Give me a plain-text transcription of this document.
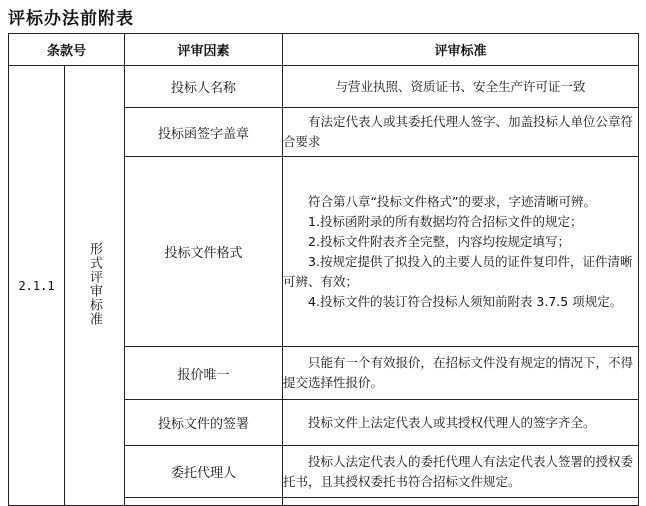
评标办法前附表
条款号		评审因素	评审标准
2.1.1	形式评审标准	投标人名称	与营业执照、资质证书、安全生产许可证一致

		投标函签字盖章	有法定代表人或其委托代理人签字、加盖投标人单位公章符合要求

		投标文件格式	符合第八章“投标文件格式”的要求，字迹清晰可辨。
1.投标函附录的所有数据均符合招标文件的规定；
2.投标文件附表齐全完整，内容均按规定填写；
3.按规定提供了拟投入的主要人员的证件复印件，证件清晰可辨、有效；
4.投标文件的装订符合投标人须知前附表 3.7.5 项规定。

		报价唯一	只能有一个有效报价，在招标文件没有规定的情况下，不得提交选择性报价。

		投标文件的签署	投标文件上法定代表人或其授权代理人的签字齐全。

		委托代理人	投标人法定代表人的委托代理人有法定代表人签署的授权委托书，且其授权委托书符合招标文件规定。
